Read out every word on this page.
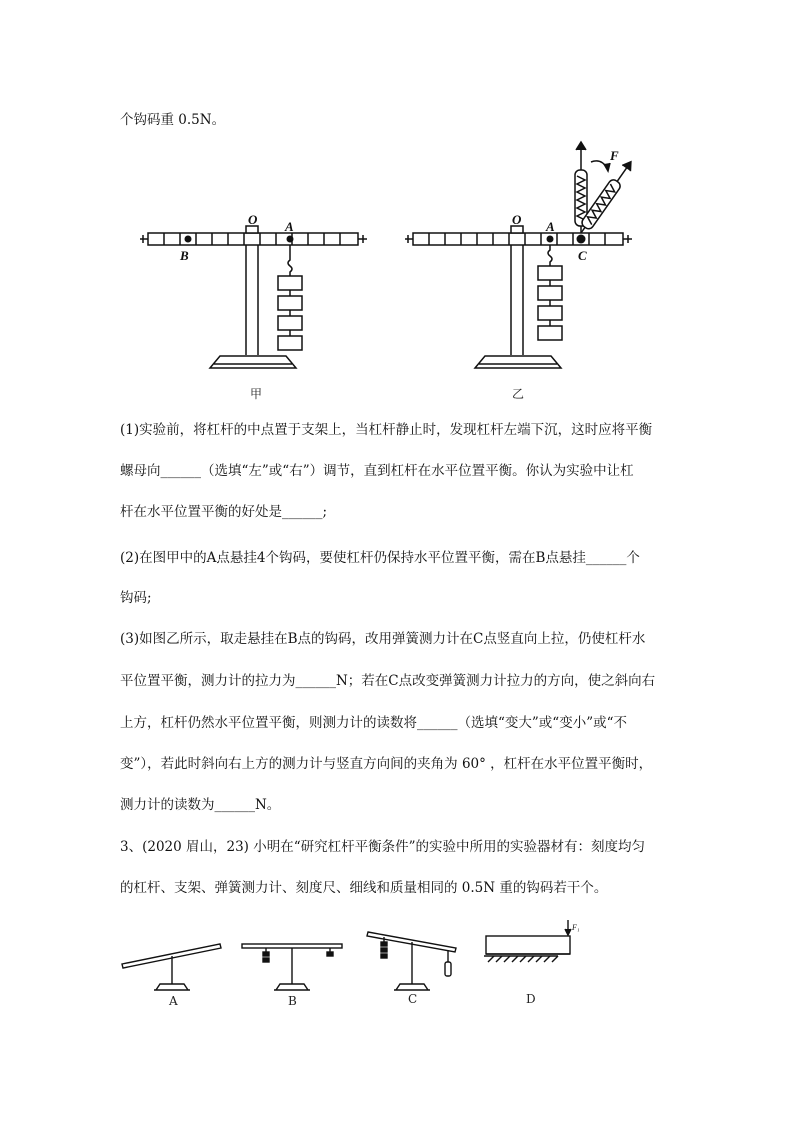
个钩码重 0.5N。
O A
B
甲
O A
C
F
乙
(1)实验前，将杠杆的中点置于支架上，当杠杆静止时，发现杠杆左端下沉，这时应将平衡
螺母向______（选填“左”或“右”）调节，直到杠杆在水平位置平衡。你认为实验中让杠
杆在水平位置平衡的好处是______;
(2)在图甲中的A点悬挂4个钩码，要使杠杆仍保持水平位置平衡，需在B点悬挂______个
钩码;
(3)如图乙所示，取走悬挂在B点的钩码，改用弹簧测力计在C点竖直向上拉，仍使杠杆水
平位置平衡，测力计的拉力为______N；若在C点改变弹簧测力计拉力的方向，使之斜向右
上方，杠杆仍然水平位置平衡，则测力计的读数将______（选填“变大”或“变小”或“不
变”），若此时斜向右上方的测力计与竖直方向间的夹角为 60° ，杠杆在水平位置平衡时，
测力计的读数为______N。
3、(2020 眉山，23) 小明在“研究杠杆平衡条件”的实验中所用的实验器材有：刻度均匀
的杠杆、支架、弹簧测力计、刻度尺、细线和质量相同的 0.5N 重的钩码若干个。
A	B	C	D
F₁
